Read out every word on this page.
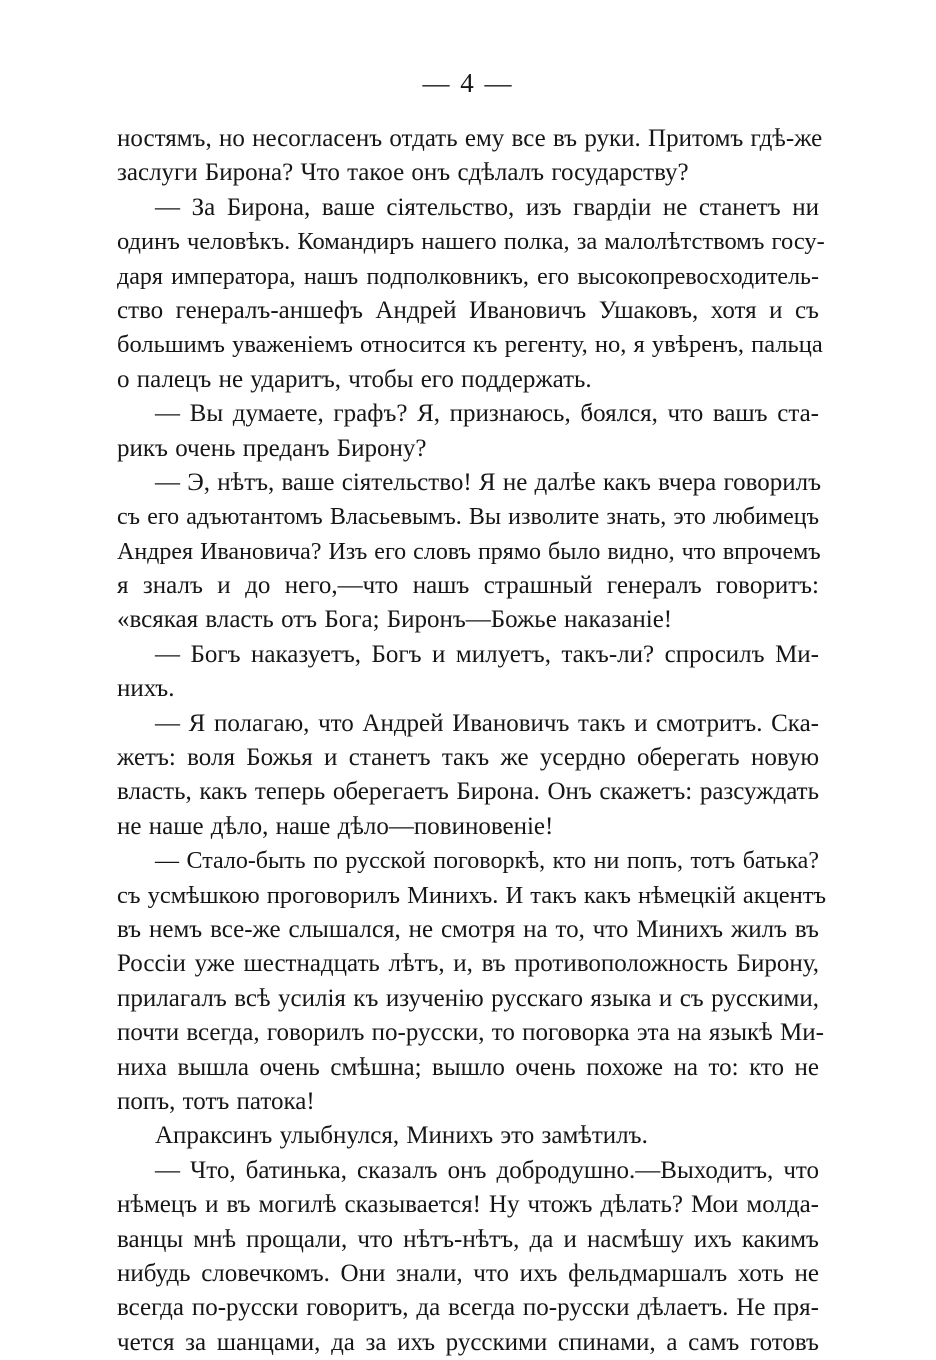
— 4 —
ностямъ, но несогласенъ отдать ему все въ руки. Притомъ гдѣ-же
заслуги Бирона? Что такое онъ сдѣлалъ государству?
— За Бирона, ваше сіятельство, изъ гвардіи не станетъ ни
одинъ человѣкъ. Командиръ нашего полка, за малолѣтствомъ госу-
даря императора, нашъ подполковникъ, его высокопревосходитель-
ство генералъ-аншефъ Андрей Ивановичъ Ушаковъ, хотя и съ
большимъ уваженіемъ относится къ регенту, но, я увѣренъ, пальца
о палецъ не ударитъ, чтобы его поддержать.
— Вы думаете, графъ? Я, признаюсь, боялся, что вашъ ста-
рикъ очень преданъ Бирону?
— Э, нѣтъ, ваше сіятельство! Я не далѣе какъ вчера говорилъ
съ его адъютантомъ Власьевымъ. Вы изволите знать, это любимецъ
Андрея Ивановича? Изъ его словъ прямо было видно, что впрочемъ
я зналъ и до него,—что нашъ страшный генералъ говоритъ:
«всякая власть отъ Бога; Биронъ—Божье наказаніе!
— Богъ наказуетъ, Богъ и милуетъ, такъ-ли? спросилъ Ми-
нихъ.
— Я полагаю, что Андрей Ивановичъ такъ и смотритъ. Ска-
жетъ: воля Божья и станетъ такъ же усердно оберегать новую
власть, какъ теперь оберегаетъ Бирона. Онъ скажетъ: разсуждать
не наше дѣло, наше дѣло—повиновеніе!
— Стало-быть по русской поговоркѣ, кто ни попъ, тотъ батька?
съ усмѣшкою проговорилъ Минихъ. И такъ какъ нѣмецкій акцентъ
въ немъ все-же слышался, не смотря на то, что Минихъ жилъ въ
Россіи уже шестнадцать лѣтъ, и, въ противоположность Бирону,
прилагалъ всѣ усилія къ изученію русскаго языка и съ русскими,
почти всегда, говорилъ по-русски, то поговорка эта на языкѣ Ми-
ниха вышла очень смѣшна; вышло очень похоже на то: кто не
попъ, тотъ патока!
Апраксинъ улыбнулся, Минихъ это замѣтилъ.
— Что, батинька, сказалъ онъ добродушно.—Выходитъ, что
нѣмецъ и въ могилѣ сказывается! Ну чтожъ дѣлать? Мои молда-
ванцы мнѣ прощали, что нѣтъ-нѣтъ, да и насмѣшу ихъ какимъ
нибудь словечкомъ. Они знали, что ихъ фельдмаршалъ хоть не
всегда по-русски говоритъ, да всегда по-русски дѣлаетъ. Не пря-
чется за шанцами, да за ихъ русскими спинами, а самъ готовъ
